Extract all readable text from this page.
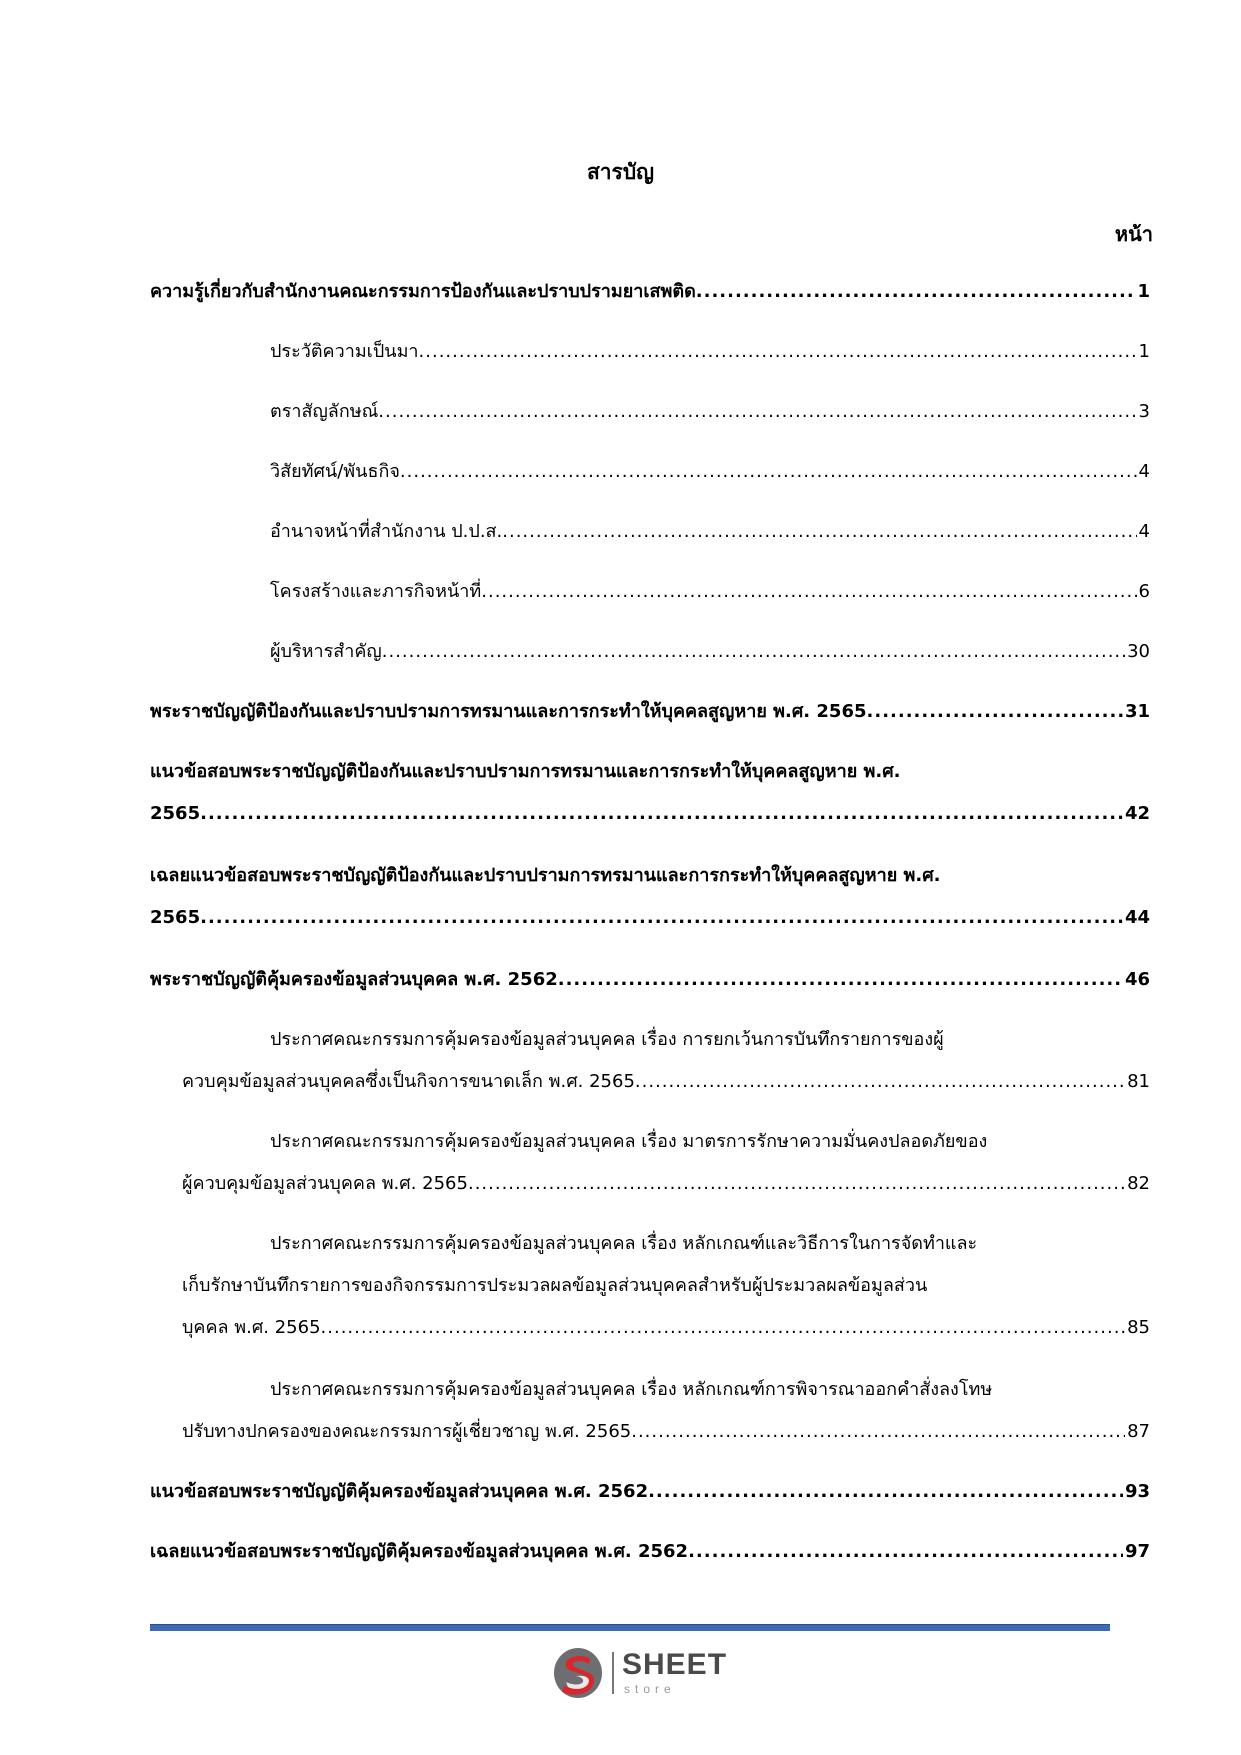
สารบัญ
หน้า
ความรู้เกี่ยวกับสำนักงานคณะกรรมการป้องกันและปราบปรามยาเสพติด .....	1
ประวัติความเป็นมา .....	1
ตราสัญลักษณ์ .....	3
วิสัยทัศน์/พันธกิจ .....	4
อำนาจหน้าที่สำนักงาน ป.ป.ส. .....	4
โครงสร้างและภารกิจหน้าที่ .....	6
ผู้บริหารสำคัญ .....	30
พระราชบัญญัติป้องกันและปราบปรามการทรมานและการกระทำให้บุคคลสูญหาย พ.ศ. 2565 .....	31
แนวข้อสอบพระราชบัญญัติป้องกันและปราบปรามการทรมานและการกระทำให้บุคคลสูญหาย พ.ศ.
2565 .....	42
เฉลยแนวข้อสอบพระราชบัญญัติป้องกันและปราบปรามการทรมานและการกระทำให้บุคคลสูญหาย พ.ศ.
2565 .....	44
พระราชบัญญัติคุ้มครองข้อมูลส่วนบุคคล พ.ศ. 2562 .....	46
ประกาศคณะกรรมการคุ้มครองข้อมูลส่วนบุคคล เรื่อง การยกเว้นการบันทึกรายการของผู้
ควบคุมข้อมูลส่วนบุคคลซึ่งเป็นกิจการขนาดเล็ก พ.ศ. 2565 .....	81
ประกาศคณะกรรมการคุ้มครองข้อมูลส่วนบุคคล เรื่อง มาตรการรักษาความมั่นคงปลอดภัยของ
ผู้ควบคุมข้อมูลส่วนบุคคล พ.ศ. 2565 .....	82
ประกาศคณะกรรมการคุ้มครองข้อมูลส่วนบุคคล เรื่อง หลักเกณฑ์และวิธีการในการจัดทำและ
เก็บรักษาบันทึกรายการของกิจกรรมการประมวลผลข้อมูลส่วนบุคคลสำหรับผู้ประมวลผลข้อมูลส่วน
บุคคล พ.ศ. 2565 .....	85
ประกาศคณะกรรมการคุ้มครองข้อมูลส่วนบุคคล เรื่อง หลักเกณฑ์การพิจารณาออกคำสั่งลงโทษ
ปรับทางปกครองของคณะกรรมการผู้เชี่ยวชาญ พ.ศ. 2565 .....	87
แนวข้อสอบพระราชบัญญัติคุ้มครองข้อมูลส่วนบุคคล พ.ศ. 2562 .....	93
เฉลยแนวข้อสอบพระราชบัญญัติคุ้มครองข้อมูลส่วนบุคคล พ.ศ. 2562 .....	97
SHEET
store
